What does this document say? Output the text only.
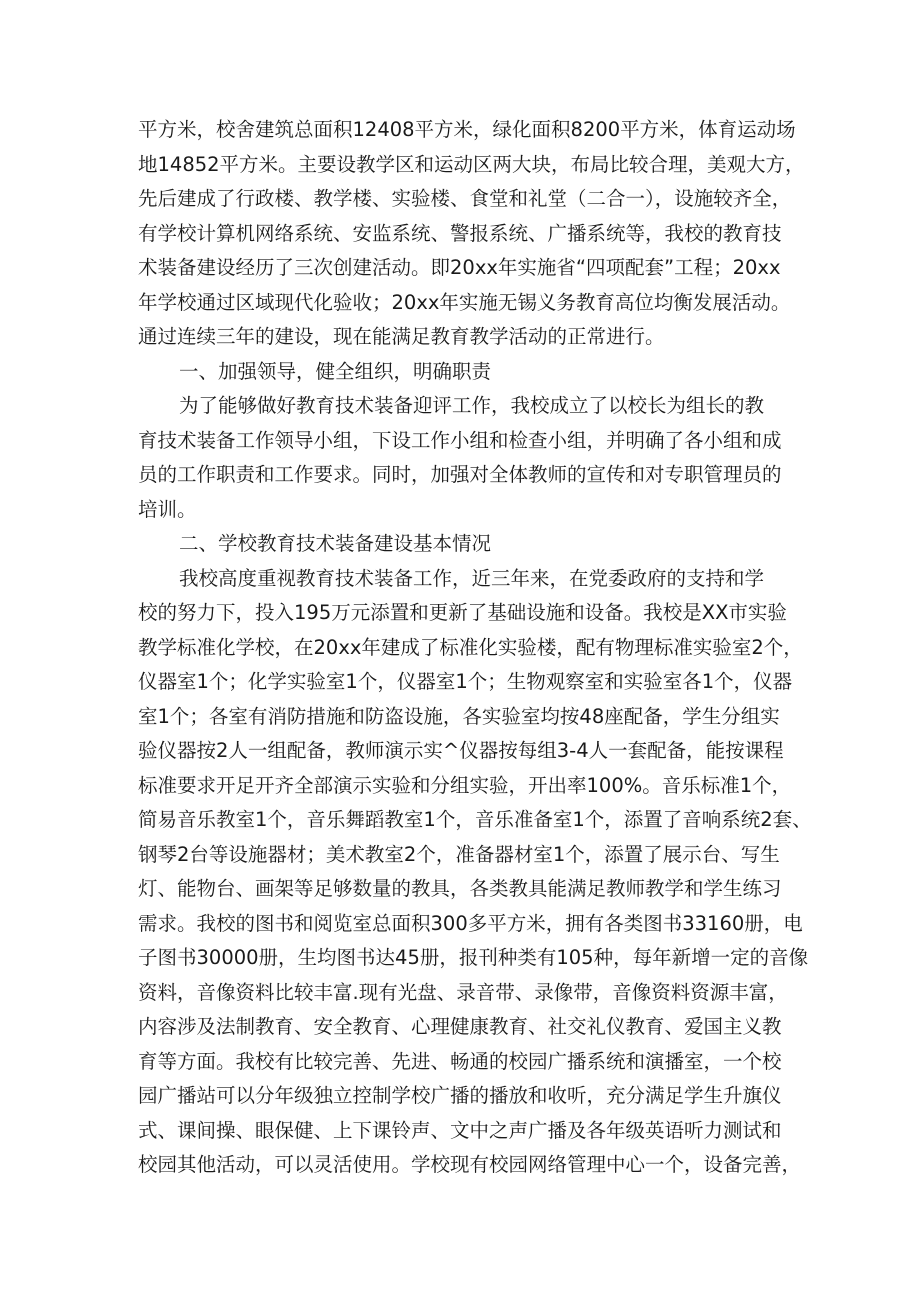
平方米，校舍建筑总面积12408平方米，绿化面积8200平方米，体育运动场
地14852平方米。主要设教学区和运动区两大块，布局比较合理，美观大方，
先后建成了行政楼、教学楼、实验楼、食堂和礼堂（二合一），设施较齐全，
有学校计算机网络系统、安监系统、警报系统、广播系统等，我校的教育技
术装备建设经历了三次创建活动。即20xx年实施省“四项配套”工程；20xx
年学校通过区域现代化验收；20xx年实施无锡义务教育高位均衡发展活动。
通过连续三年的建设，现在能满足教育教学活动的正常进行。
一、加强领导，健全组织，明确职责
为了能够做好教育技术装备迎评工作，我校成立了以校长为组长的教
育技术装备工作领导小组，下设工作小组和检查小组，并明确了各小组和成
员的工作职责和工作要求。同时，加强对全体教师的宣传和对专职管理员的
培训。
二、学校教育技术装备建设基本情况
我校高度重视教育技术装备工作，近三年来，在党委政府的支持和学
校的努力下，投入195万元添置和更新了基础设施和设备。我校是XX市实验
教学标准化学校，在20xx年建成了标准化实验楼，配有物理标准实验室2个，
仪器室1个；化学实验室1个，仪器室1个；生物观察室和实验室各1个，仪器
室1个；各室有消防措施和防盗设施，各实验室均按48座配备，学生分组实
验仪器按2人一组配备，教师演示实^仪器按每组3-4人一套配备，能按课程
标准要求开足开齐全部演示实验和分组实验，开出率100%。音乐标准1个，
简易音乐教室1个，音乐舞蹈教室1个，音乐准备室1个，添置了音响系统2套、
钢琴2台等设施器材；美术教室2个，准备器材室1个，添置了展示台、写生
灯、能物台、画架等足够数量的教具，各类教具能满足教师教学和学生练习
需求。我校的图书和阅览室总面积300多平方米，拥有各类图书33160册，电
子图书30000册，生均图书达45册，报刊种类有105种，每年新增一定的音像
资料，音像资料比较丰富.现有光盘、录音带、录像带，音像资料资源丰富，
内容涉及法制教育、安全教育、心理健康教育、社交礼仪教育、爱国主义教
育等方面。我校有比较完善、先进、畅通的校园广播系统和演播室，一个校
园广播站可以分年级独立控制学校广播的播放和收听，充分满足学生升旗仪
式、课间操、眼保健、上下课铃声、文中之声广播及各年级英语听力测试和
校园其他活动，可以灵活使用。学校现有校园网络管理中心一个，设备完善，
